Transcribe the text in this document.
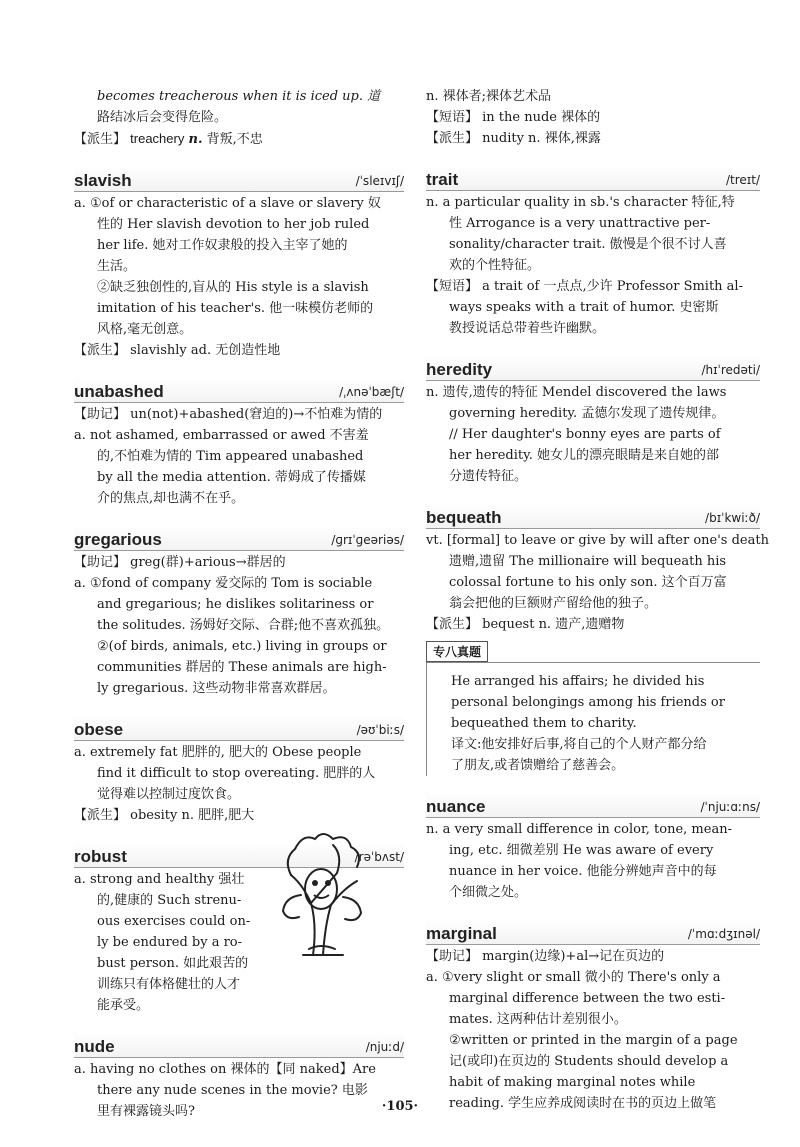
becomes treacherous when it is iced up. 道
路结冰后会变得危险。
【派生】 treachery n. 背叛,不忠
slavish	/ˈsleɪvɪʃ/
a. ①of or characteristic of a slave or slavery 奴
性的 Her slavish devotion to her job ruled
her life. 她对工作奴隶般的投入主宰了她的
生活。
②缺乏独创性的,盲从的 His style is a slavish
imitation of his teacher's. 他一味模仿老师的
风格,毫无创意。
【派生】 slavishly ad. 无创造性地
unabashed	/ˌʌnəˈbæʃt/
【助记】 un(not)+abashed(窘迫的)→不怕难为情的
a. not ashamed, embarrassed or awed 不害羞
的,不怕难为情的 Tim appeared unabashed
by all the media attention. 蒂姆成了传播媒
介的焦点,却也满不在乎。
gregarious	/ɡrɪˈɡeəriəs/
【助记】 greg(群)+arious→群居的
a. ①fond of company 爱交际的 Tom is sociable
and gregarious; he dislikes solitariness or
the solitudes. 汤姆好交际、合群;他不喜欢孤独。
②(of birds, animals, etc.) living in groups or
communities 群居的 These animals are high-
ly gregarious. 这些动物非常喜欢群居。
obese	/əʊˈbiːs/
a. extremely fat 肥胖的, 肥大的 Obese people
find it difficult to stop overeating. 肥胖的人
觉得难以控制过度饮食。
【派生】 obesity n. 肥胖,肥大
robust	/rəˈbʌst/
a. strong and healthy 强壮
的,健康的 Such strenu-
ous exercises could on-
ly be endured by a ro-
bust person. 如此艰苦的
训练只有体格健壮的人才
能承受。
nude	/njuːd/
a. having no clothes on 裸体的【同 naked】Are
there any nude scenes in the movie? 电影
里有裸露镜头吗?
n. 裸体者;裸体艺术品
【短语】 in the nude 裸体的
【派生】 nudity n. 裸体,裸露
trait	/treɪt/
n. a particular quality in sb.'s character 特征,特
性 Arrogance is a very unattractive per-
sonality/character trait. 傲慢是个很不讨人喜
欢的个性特征。
【短语】 a trait of 一点点,少许 Professor Smith al-
ways speaks with a trait of humor. 史密斯
教授说话总带着些许幽默。
heredity	/hɪˈredəti/
n. 遗传,遗传的特征 Mendel discovered the laws
governing heredity. 孟德尔发现了遗传规律。
// Her daughter's bonny eyes are parts of
her heredity. 她女儿的漂亮眼睛是来自她的部
分遗传特征。
bequeath	/bɪˈkwiːð/
vt. [formal] to leave or give by will after one's death
遗赠,遗留 The millionaire will bequeath his
colossal fortune to his only son. 这个百万富
翁会把他的巨额财产留给他的独子。
【派生】 bequest n. 遗产,遗赠物
专八真题
He arranged his affairs; he divided his
personal belongings among his friends or
bequeathed them to charity.
译文:他安排好后事,将自己的个人财产都分给
了朋友,或者馈赠给了慈善会。
nuance	/ˈnjuːɑːns/
n. a very small difference in color, tone, mean-
ing, etc. 细微差别 He was aware of every
nuance in her voice. 他能分辨她声音中的每
个细微之处。
marginal	/ˈmɑːdʒɪnəl/
【助记】 margin(边缘)+al→记在页边的
a. ①very slight or small 微小的 There's only a
marginal difference between the two esti-
mates. 这两种估计差别很小。
②written or printed in the margin of a page
记(或印)在页边的 Students should develop a
habit of making marginal notes while
reading. 学生应养成阅读时在书的页边上做笔
·105·
